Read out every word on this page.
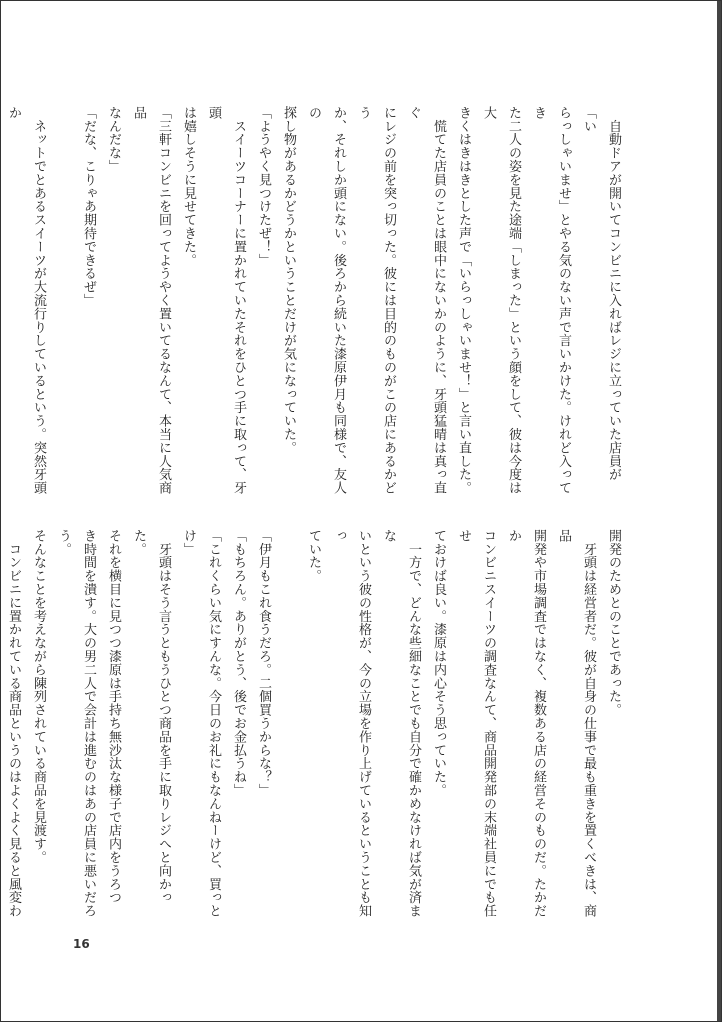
　自動ドアが開いてコンビニに入ればレジに立っていた店員が「い

らっしゃいませ」とやる気のない声で言いかけた。けれど入ってき

た二人の姿を見た途端「しまった」という顔をして、彼は今度は大

きくはきはきとした声で「いらっしゃいませ！」と言い直した。

　慌てた店員のことは眼中にないかのように、牙頭猛晴は真っ直ぐ

にレジの前を突っ切った。彼には目的のものがこの店にあるかどう

か、それしか頭にない。後ろから続いた漆原伊月も同様で、友人の

探し物があるかどうかということだけが気になっていた。

「ようやく見つけたぜ！」

　スイーツコーナーに置かれていたそれをひとつ手に取って、牙頭

は嬉しそうに見せてきた。

「三軒コンビニを回ってようやく置いてるなんて、本当に人気商品

なんだな」

「だな、こりゃあ期待できるぜ」

　ネットでとあるスイーツが大流行りしているという。突然牙頭か

開発のためとのことであった。

　牙頭は経営者だ。彼が自身の仕事で最も重きを置くべきは、商品

開発や市場調査ではなく、複数ある店の経営そのものだ。たかだか

コンビニスイーツの調査なんて、商品開発部の末端社員にでも任せ

ておけば良い。漆原は内心そう思っていた。

　一方で、どんな些細なことでも自分で確かめなければ気が済まな

いという彼の性格が、今の立場を作り上げているということも知っ

ていた。

「伊月もこれ食うだろ。二個買うからな？」

「もちろん。ありがとう、後でお金払うね」

「これくらい気にすんな。今日のお礼にもなんねーけど、買っとけ」

　牙頭はそう言うともうひとつ商品を手に取りレジへと向かった。

それを横目に見つつ漆原は手持ち無沙汰な様子で店内をうろつ

き時間を潰す。大の男二人で会計は進むのはあの店員に悪いだろう。

そんなことを考えながら陳列されている商品を見渡す。

　コンビニに置かれている商品というのはよくよく見ると風変わ

16
